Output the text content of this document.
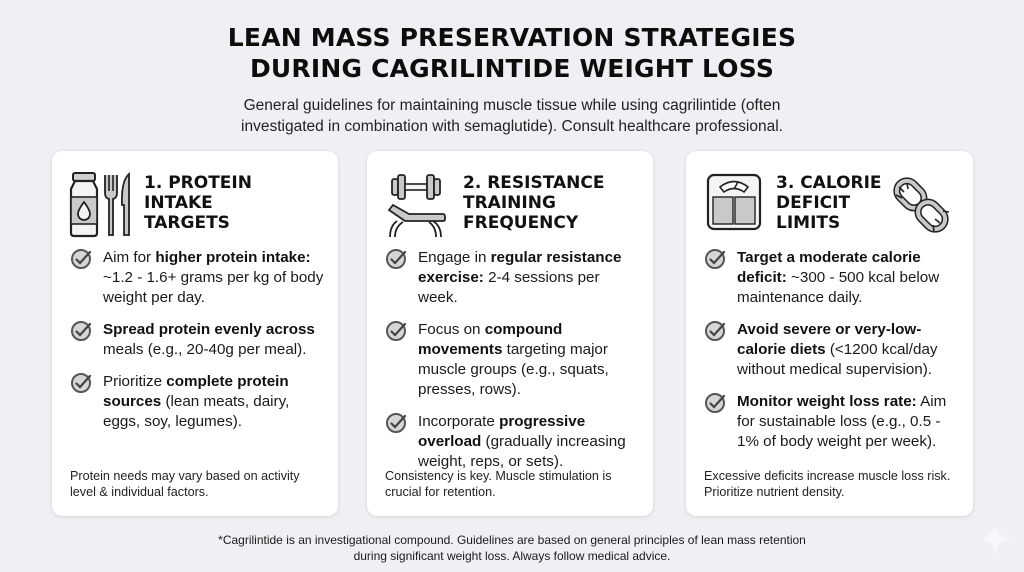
LEAN MASS PRESERVATION STRATEGIES
DURING CAGRILINTIDE WEIGHT LOSS
General guidelines for maintaining muscle tissue while using cagrilintide (often
investigated in combination with semaglutide). Consult healthcare professional.
1. PROTEIN
INTAKE
TARGETS
Aim for higher protein intake: ~1.2 - 1.6+ grams per kg of body weight per day.
Spread protein evenly across meals (e.g., 20-40g per meal).
Prioritize complete protein sources (lean meats, dairy, eggs, soy, legumes).
Protein needs may vary based on activity level & individual factors.
2. RESISTANCE
TRAINING
FREQUENCY
Engage in regular resistance exercise: 2-4 sessions per week.
Focus on compound movements targeting major muscle groups (e.g., squats, presses, rows).
Incorporate progressive overload (gradually increasing weight, reps, or sets).
Consistency is key. Muscle stimulation is crucial for retention.
3. CALORIE
DEFICIT
LIMITS
Target a moderate calorie deficit: ~300 - 500 kcal below maintenance daily.
Avoid severe or very-low-calorie diets (<1200 kcal/day without medical supervision).
Monitor weight loss rate: Aim for sustainable loss (e.g., 0.5 - 1% of body weight per week).
Excessive deficits increase muscle loss risk. Prioritize nutrient density.
*Cagrilintide is an investigational compound. Guidelines are based on general principles of lean mass retention
during significant weight loss. Always follow medical advice.
